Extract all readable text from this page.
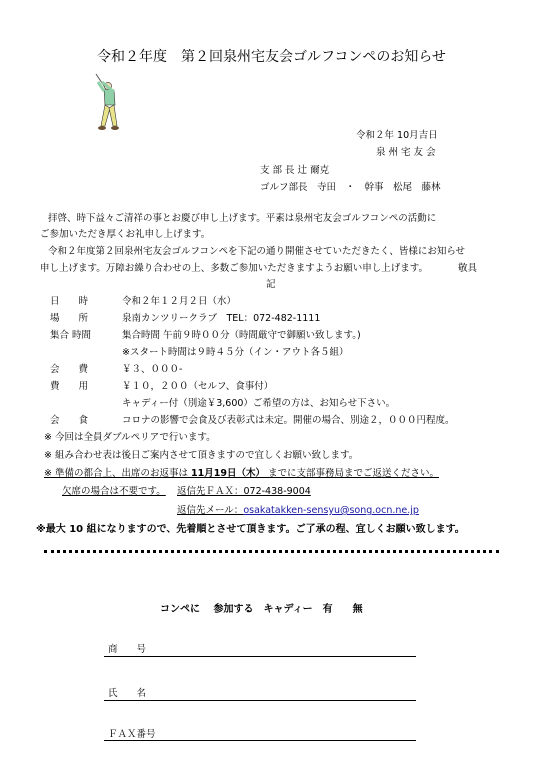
令和２年度　第２回泉州宅友会ゴルフコンペのお知らせ
令和２年 10月吉日
泉 州 宅 友 会
支 部 長 辻 爾克
ゴルフ部長　寺田　・　幹事　松尾　藤林
拝啓、時下益々ご清祥の事とお慶び申し上げます。平素は泉州宅友会ゴルフコンペの活動に
ご参加いただき厚くお礼申し上げます。
令和２年度第２回泉州宅友会ゴルフコンペを下記の通り開催させていただきたく、皆様にお知らせ
申し上げます。万障お繰り合わせの上、多数ご参加いただきますようお願い申し上げます。	敬具
記
日　　時	令和２年１２月２日（水）
場　　所	泉南カンツリークラブ　TEL：072-482-1111
集合 時間	集合時間 午前９時００分（時間厳守で御願い致します。)
※スタート時間は９時４５分（イン・アウト各５組）
会　　費	￥３、０００-
費　　用	￥１０，２００（セルフ、食事付）
キャディー付（別途￥3,600）ご希望の方は、お知らせ下さい。
会　　食	コロナの影響で会食及び表彰式は未定。開催の場合、別途２，０００円程度。
※ 今回は全員ダブルペリアで行います。
※ 組み合わせ表は後日ご案内させて頂きますので宜しくお願い致します。
※ 準備の都合上、出席のお返事は 11月19日（木） までに支部事務局までご返送ください。
欠席の場合は不要です。 返信先ＦＡＸ：072-438-9004
返信先メール：osakatakken-sensyu@song.ocn.ne.jp
※最大 10 組になりますので、先着順とさせて頂きます。ご了承の程、宜しくお願い致します。
コンペに　 参加する　キャディー　有　　無
商　　号
氏　　名
ＦＡＸ番号
